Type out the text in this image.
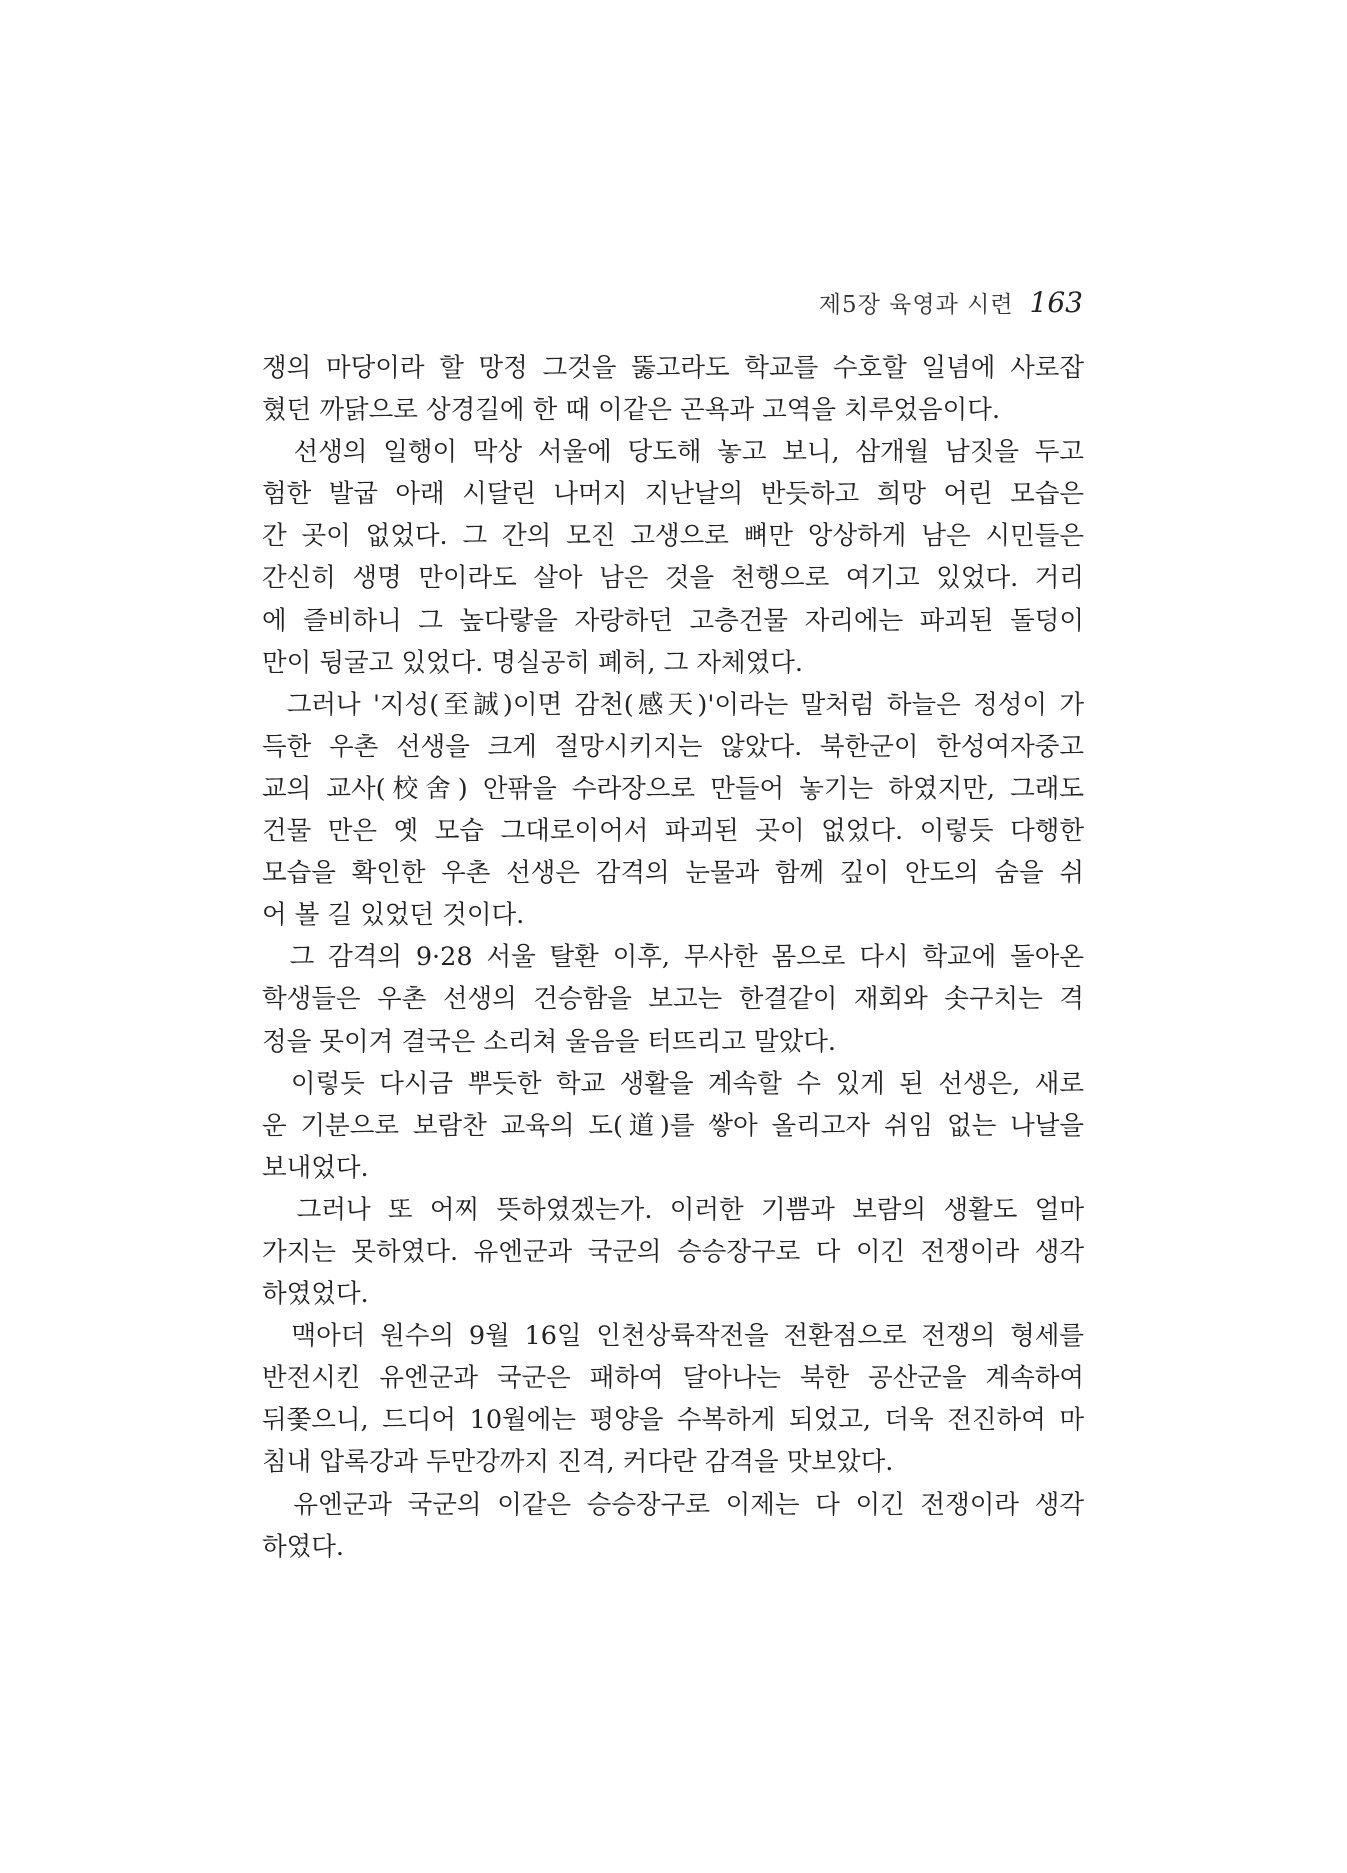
제5장 육영과 시련 163
쟁의 마당이라 할 망정 그것을 뚫고라도 학교를 수호할 일념에 사로잡
혔던 까닭으로 상경길에 한 때 이같은 곤욕과 고역을 치루었음이다.
선생의 일행이 막상 서울에 당도해 놓고 보니, 삼개월 남짓을 두고
험한 발굽 아래 시달린 나머지 지난날의 반듯하고 희망 어린 모습은
간 곳이 없었다. 그 간의 모진 고생으로 뼈만 앙상하게 남은 시민들은
간신히 생명 만이라도 살아 남은 것을 천행으로 여기고 있었다. 거리
에 즐비하니 그 높다랗을 자랑하던 고층건물 자리에는 파괴된 돌덩이
만이 뒹굴고 있었다. 명실공히 폐허, 그 자체였다.
그러나 '지성(至誠)이면 감천(感天)'이라는 말처럼 하늘은 정성이 가
득한 우촌 선생을 크게 절망시키지는 않았다. 북한군이 한성여자중고
교의 교사(校舍) 안팎을 수라장으로 만들어 놓기는 하였지만, 그래도
건물 만은 옛 모습 그대로이어서 파괴된 곳이 없었다. 이렇듯 다행한
모습을 확인한 우촌 선생은 감격의 눈물과 함께 깊이 안도의 숨을 쉬
어 볼 길 있었던 것이다.
그 감격의 9·28 서울 탈환 이후, 무사한 몸으로 다시 학교에 돌아온
학생들은 우촌 선생의 건승함을 보고는 한결같이 재회와 솟구치는 격
정을 못이겨 결국은 소리쳐 울음을 터뜨리고 말았다.
이렇듯 다시금 뿌듯한 학교 생활을 계속할 수 있게 된 선생은, 새로
운 기분으로 보람찬 교육의 도(道)를 쌓아 올리고자 쉬임 없는 나날을
보내었다.
그러나 또 어찌 뜻하였겠는가. 이러한 기쁨과 보람의 생활도 얼마
가지는 못하였다. 유엔군과 국군의 승승장구로 다 이긴 전쟁이라 생각
하였었다.
맥아더 원수의 9월 16일 인천상륙작전을 전환점으로 전쟁의 형세를
반전시킨 유엔군과 국군은 패하여 달아나는 북한 공산군을 계속하여
뒤쫓으니, 드디어 10월에는 평양을 수복하게 되었고, 더욱 전진하여 마
침내 압록강과 두만강까지 진격, 커다란 감격을 맛보았다.
유엔군과 국군의 이같은 승승장구로 이제는 다 이긴 전쟁이라 생각
하였다.
